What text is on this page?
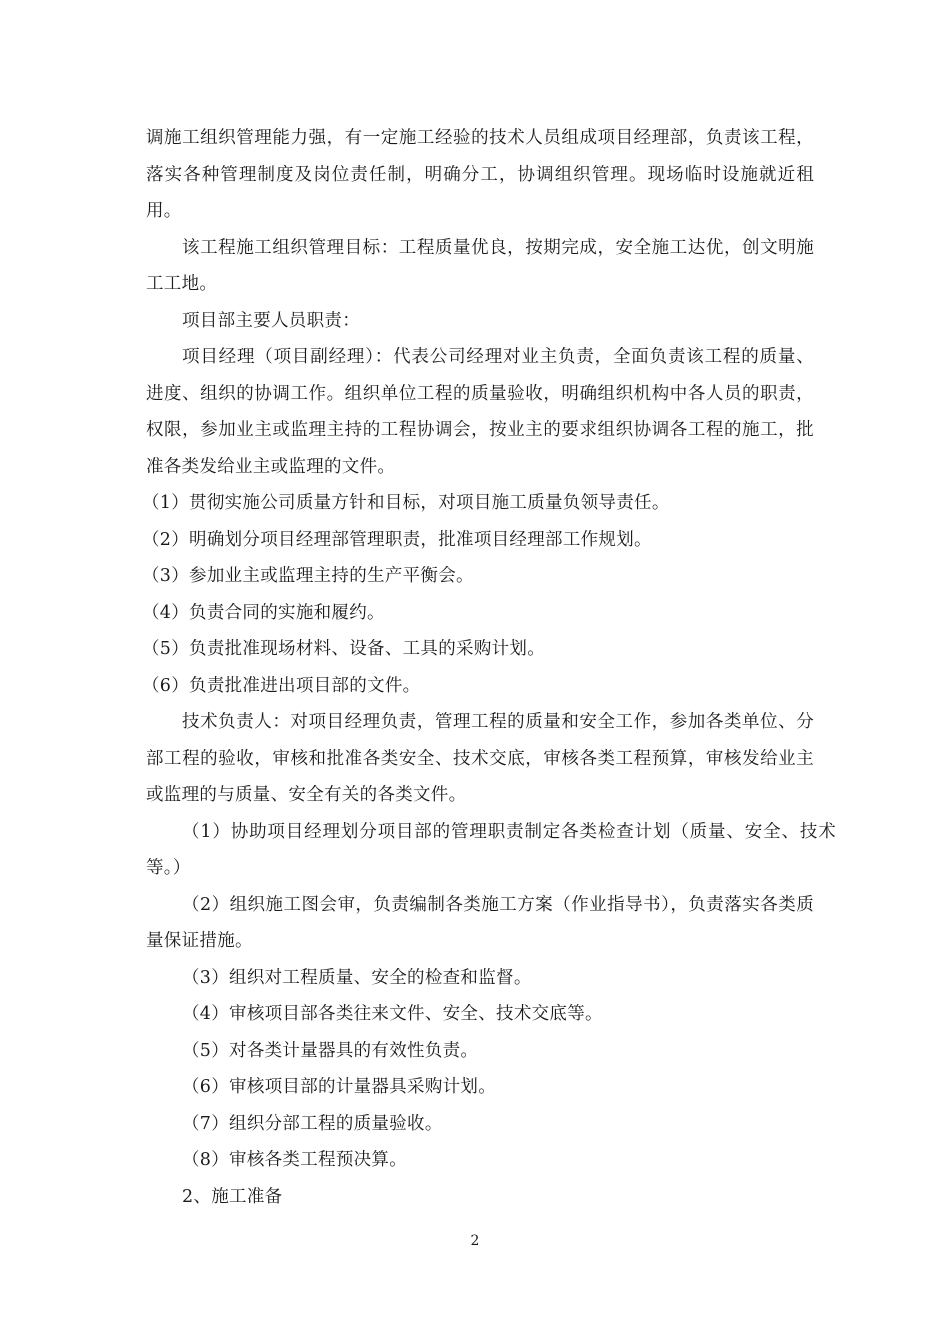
调施工组织管理能力强，有一定施工经验的技术人员组成项目经理部，负责该工程，落实各种管理制度及岗位责任制，明确分工，协调组织管理。现场临时设施就近租用。

该工程施工组织管理目标：工程质量优良，按期完成，安全施工达优，创文明施工工地。

项目部主要人员职责：

项目经理（项目副经理）：代表公司经理对业主负责，全面负责该工程的质量、进度、组织的协调工作。组织单位工程的质量验收，明确组织机构中各人员的职责，权限，参加业主或监理主持的工程协调会，按业主的要求组织协调各工程的施工，批准各类发给业主或监理的文件。

（1）贯彻实施公司质量方针和目标，对项目施工质量负领导责任。

（2）明确划分项目经理部管理职责，批准项目经理部工作规划。

（3）参加业主或监理主持的生产平衡会。

（4）负责合同的实施和履约。

（5）负责批准现场材料、设备、工具的采购计划。

（6）负责批准进出项目部的文件。

技术负责人：对项目经理负责，管理工程的质量和安全工作，参加各类单位、分部工程的验收，审核和批准各类安全、技术交底，审核各类工程预算，审核发给业主或监理的与质量、安全有关的各类文件。

（1）协助项目经理划分项目部的管理职责制定各类检查计划（质量、安全、技术等。）

（2）组织施工图会审，负责编制各类施工方案（作业指导书），负责落实各类质量保证措施。

（3）组织对工程质量、安全的检查和监督。

（4）审核项目部各类往来文件、安全、技术交底等。

（5）对各类计量器具的有效性负责。

（6）审核项目部的计量器具采购计划。

（7）组织分部工程的质量验收。

（8）审核各类工程预决算。

2、施工准备

2
